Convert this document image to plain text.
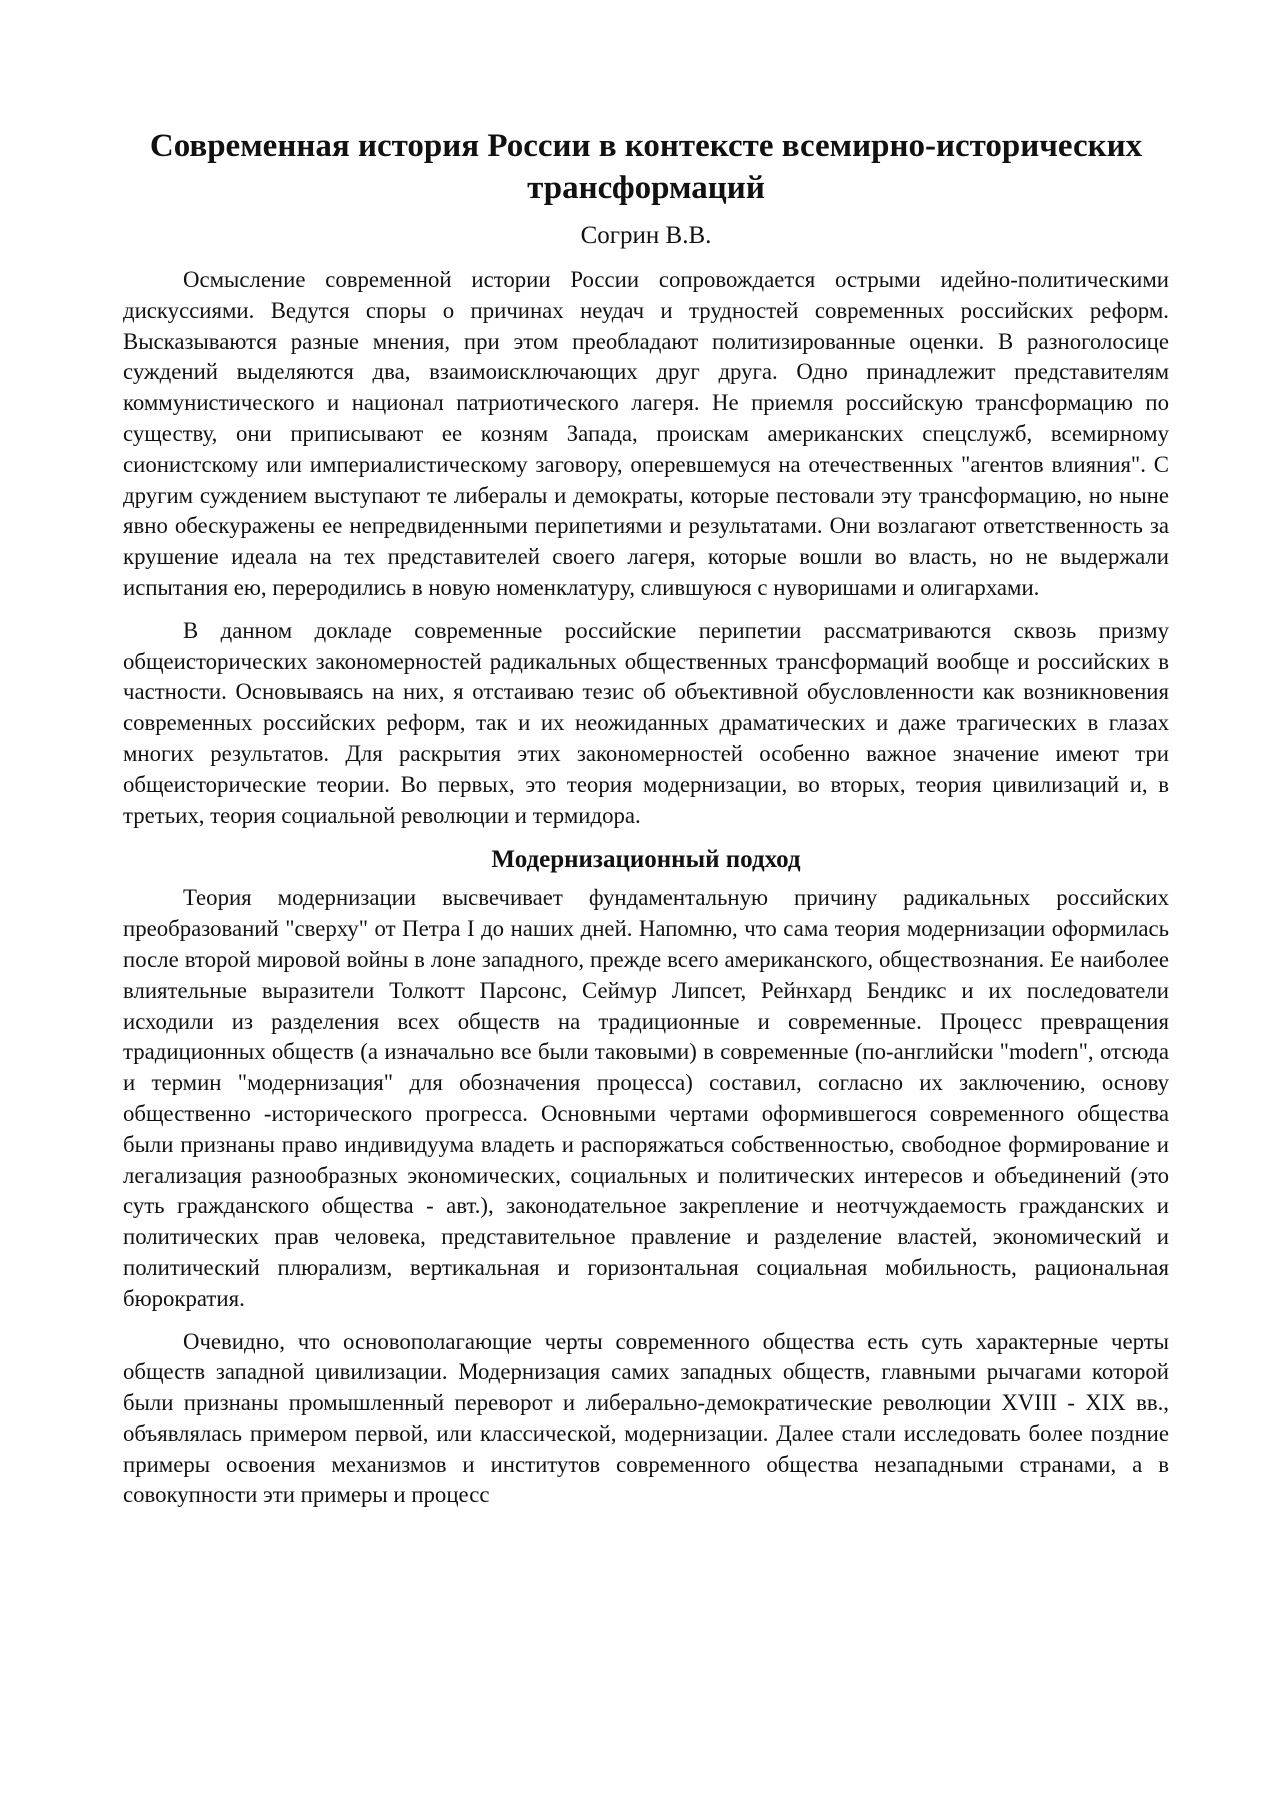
Современная история России в контексте всемирно-исторических
трансформаций
Согрин В.В.

Осмысление современной истории России сопровождается острыми идейно-политическими дискуссиями. Ведутся споры о причинах неудач и трудностей современных российских реформ. Высказываются разные мнения, при этом преобладают политизированные оценки. В разноголосице суждений выделяются два, взаимоисключающих друг друга. Одно принадлежит представителям коммунистического и национал патриотического лагеря. Не приемля российскую трансформацию по существу, они приписывают ее козням Запада, проискам американских спецслужб, всемирному сионистскому или империалистическому заговору, оперевшемуся на отечественных "агентов влияния". С другим суждением выступают те либералы и демократы, которые пестовали эту трансформацию, но ныне явно обескуражены ее непредвиденными перипетиями и результатами. Они возлагают ответственность за крушение идеала на тех представителей своего лагеря, которые вошли во власть, но не выдержали испытания ею, переродились в новую номенклатуру, слившуюся с нуворишами и олигархами.

В данном докладе современные российские перипетии рассматриваются сквозь призму общеисторических закономерностей радикальных общественных трансформаций вообще и российских в частности. Основываясь на них, я отстаиваю тезис об объективной обусловленности как возникновения современных российских реформ, так и их неожиданных драматических и даже трагических в глазах многих результатов. Для раскрытия этих закономерностей особенно важное значение имеют три общеисторические теории. Во первых, это теория модернизации, во вторых, теория цивилизаций и, в третьих, теория социальной революции и термидора.

Модернизационный подход

Теория модернизации высвечивает фундаментальную причину радикальных российских преобразований "сверху" от Петра I до наших дней. Напомню, что сама теория модернизации оформилась после второй мировой войны в лоне западного, прежде всего американского, обществознания. Ее наиболее влиятельные выразители Толкотт Парсонс, Сеймур Липсет, Рейнхард Бендикс и их последователи исходили из разделения всех обществ на традиционные и современные. Процесс превращения традиционных обществ (а изначально все были таковыми) в современные (по-английски "modern", отсюда и термин "модернизация" для обозначения процесса) составил, согласно их заключению, основу общественно -исторического прогресса. Основными чертами оформившегося современного общества были признаны право индивидуума владеть и распоряжаться собственностью, свободное формирование и легализация разнообразных экономических, социальных и политических интересов и объединений (это суть гражданского общества - авт.), законодательное закрепление и неотчуждаемость гражданских и политических прав человека, представительное правление и разделение властей, экономический и политический плюрализм, вертикальная и горизонтальная социальная мобильность, рациональная бюрократия.

Очевидно, что основополагающие черты современного общества есть суть характерные черты обществ западной цивилизации. Модернизация самих западных обществ, главными рычагами которой были признаны промышленный переворот и либерально-демократические революции XVIII - XIX вв., объявлялась примером первой, или классической, модернизации. Далее стали исследовать более поздние примеры освоения механизмов и институтов современного общества незападными странами, а в совокупности эти примеры и процесс
